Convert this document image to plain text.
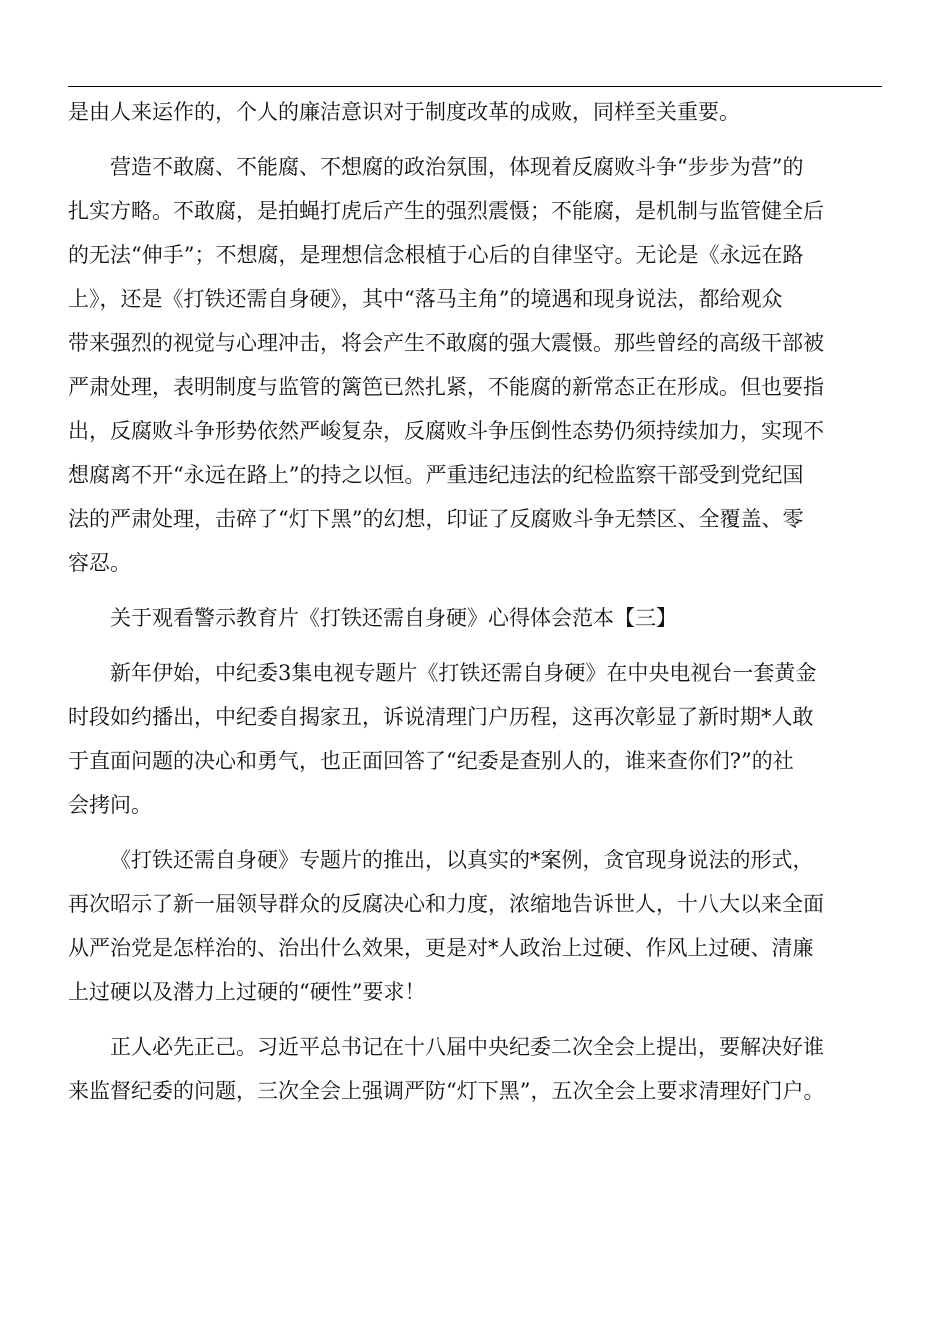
是由人来运作的，个人的廉洁意识对于制度改革的成败，同样至关重要。
营造不敢腐、不能腐、不想腐的政治氛围，体现着反腐败斗争“步步为营”的
扎实方略。不敢腐，是拍蝇打虎后产生的强烈震慑；不能腐，是机制与监管健全后
的无法“伸手”；不想腐，是理想信念根植于心后的自律坚守。无论是《永远在路
上》，还是《打铁还需自身硬》，其中“落马主角”的境遇和现身说法，都给观众
带来强烈的视觉与心理冲击，将会产生不敢腐的强大震慑。那些曾经的高级干部被
严肃处理，表明制度与监管的篱笆已然扎紧，不能腐的新常态正在形成。但也要指
出，反腐败斗争形势依然严峻复杂，反腐败斗争压倒性态势仍须持续加力，实现不
想腐离不开“永远在路上”的持之以恒。严重违纪违法的纪检监察干部受到党纪国
法的严肃处理，击碎了“灯下黑”的幻想，印证了反腐败斗争无禁区、全覆盖、零
容忍。
关于观看警示教育片《打铁还需自身硬》心得体会范本【三】
新年伊始，中纪委3集电视专题片《打铁还需自身硬》在中央电视台一套黄金
时段如约播出，中纪委自揭家丑，诉说清理门户历程，这再次彰显了新时期*人敢
于直面问题的决心和勇气，也正面回答了“纪委是查别人的，谁来查你们?”的社
会拷问。
《打铁还需自身硬》专题片的推出，以真实的*案例，贪官现身说法的形式，
再次昭示了新一届领导群众的反腐决心和力度，浓缩地告诉世人，十八大以来全面
从严治党是怎样治的、治出什么效果，更是对*人政治上过硬、作风上过硬、清廉
上过硬以及潜力上过硬的“硬性”要求！
正人必先正己。习近平总书记在十八届中央纪委二次全会上提出，要解决好谁
来监督纪委的问题，三次全会上强调严防“灯下黑”，五次全会上要求清理好门户。
